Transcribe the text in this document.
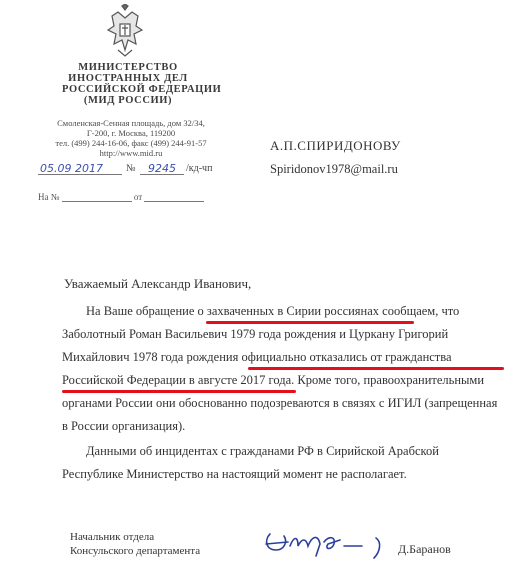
МИНИСТЕРСТВО
ИНОСТРАННЫХ ДЕЛ
РОССИЙСКОЙ ФЕДЕРАЦИИ
(МИД РОССИИ)
Смоленская-Сенная площадь, дом 32/34,
Г-200, г. Москва, 119200
тел. (499) 244-16-06, факс (499) 244-91-57
http://www.mid.ru
05.09 2017 № 9245 /кд-чп
На №	от
А.П.СПИРИДОНОВУ
Spiridonov1978@mail.ru
Уважаемый Александр Иванович,
На Ваше обращение о захваченных в Сирии россиянах сообщаем, что
Заболотный Роман Васильевич 1979 года рождения и Цуркану Григорий
Михайлович 1978 года рождения официально отказались от гражданства
Российской Федерации в августе 2017 года. Кроме того, правоохранительными
органами России они обоснованно подозреваются в связях с ИГИЛ (запрещенная
в России организация).
Данными об инцидентах с гражданами РФ в Сирийской Арабской
Республике Министерство на настоящий момент не располагает.
Начальник отдела
Консульского департамента	Д.Баранов
